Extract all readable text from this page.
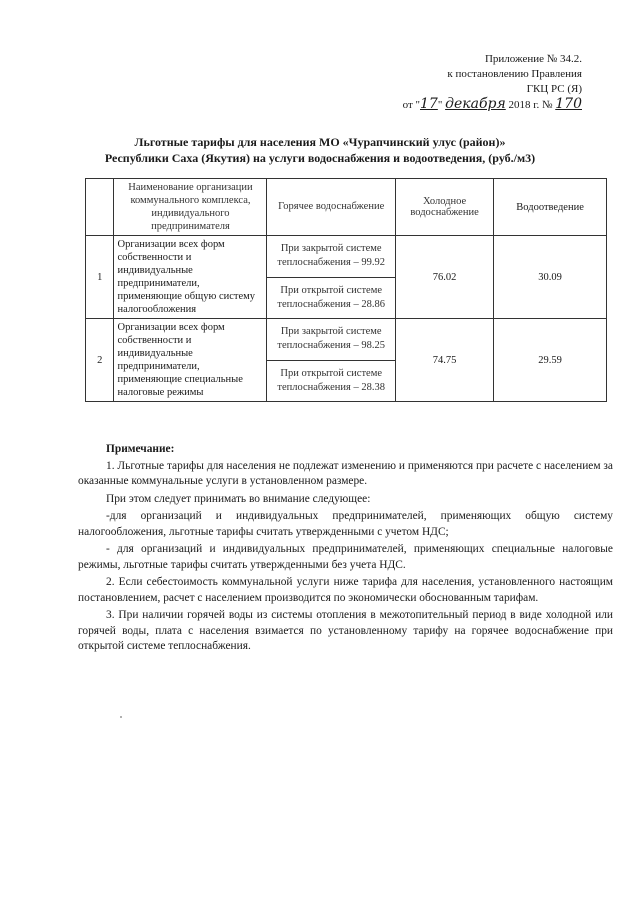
Приложение № 34.2.
к постановлению Правления
ГКЦ РС (Я)
от "17" декабря 2018 г. № 170
Льготные тарифы для населения МО «Чурапчинский улус (район)»
Республики Саха (Якутия) на услуги водоснабжения и водоотведения, (руб./м3)
	Наименование организации коммунального комплекса, индивидуального предпринимателя	Горячее водоснабжение	Холодное водоснабжение	Водоотведение
1	Организации всех форм собственности и индивидуальные предприниматели, применяющие общую систему налогообложения	При закрытой системе теплоснабжения – 99.92	76.02	30.09
		При открытой системе теплоснабжения – 28.86		
2	Организации всех форм собственности и индивидуальные предприниматели, применяющие специальные налоговые режимы	При закрытой системе теплоснабжения – 98.25	74.75	29.59
		При открытой системе теплоснабжения – 28.38		
Примечание:

1. Льготные тарифы для населения не подлежат изменению и применяются при расчете с населением за оказанные коммунальные услуги в установленном размере.

При этом следует принимать во внимание следующее:

-для организаций и индивидуальных предпринимателей, применяющих общую систему налогообложения, льготные тарифы считать утвержденными с учетом НДС;

- для организаций и индивидуальных предпринимателей, применяющих специальные налоговые режимы, льготные тарифы считать утвержденными без учета НДС.

2. Если себестоимость коммунальной услуги ниже тарифа для населения, установленного настоящим постановлением, расчет с населением производится по экономически обоснованным тарифам.

3. При наличии горячей воды из системы отопления в межотопительный период в виде холодной или горячей воды, плата с населения взимается по установленному тарифу на горячее водоснабжение при открытой системе теплоснабжения.
